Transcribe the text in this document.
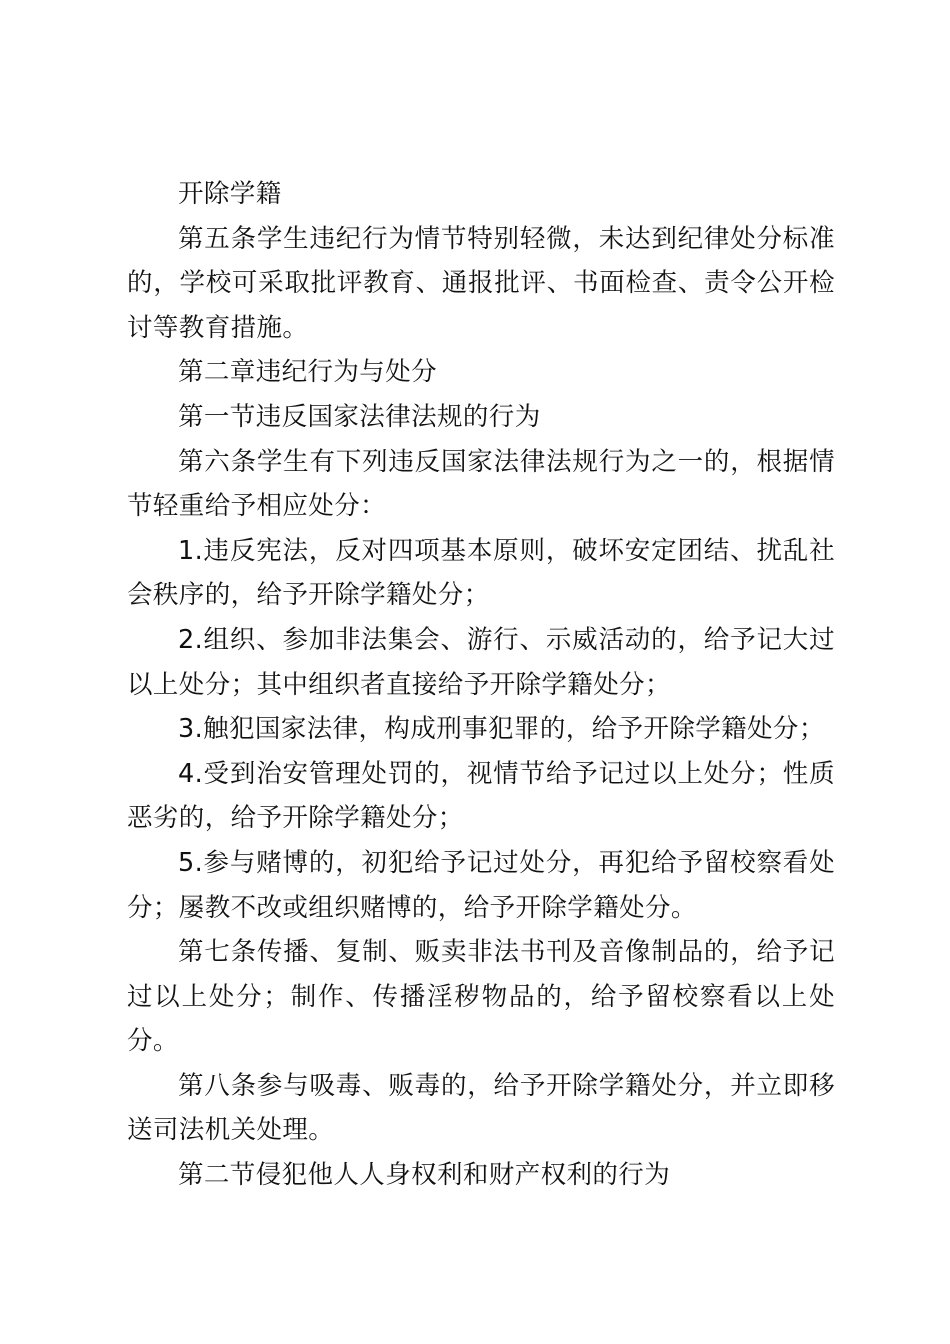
开除学籍

第五条学生违纪行为情节特别轻微，未达到纪律处分标准的，学校可采取批评教育、通报批评、书面检查、责令公开检讨等教育措施。

第二章违纪行为与处分

第一节违反国家法律法规的行为

第六条学生有下列违反国家法律法规行为之一的，根据情节轻重给予相应处分：

1.违反宪法，反对四项基本原则，破坏安定团结、扰乱社会秩序的，给予开除学籍处分；

2.组织、参加非法集会、游行、示威活动的，给予记大过以上处分；其中组织者直接给予开除学籍处分；

3.触犯国家法律，构成刑事犯罪的，给予开除学籍处分；

4.受到治安管理处罚的，视情节给予记过以上处分；性质恶劣的，给予开除学籍处分；

5.参与赌博的，初犯给予记过处分，再犯给予留校察看处分；屡教不改或组织赌博的，给予开除学籍处分。

第七条传播、复制、贩卖非法书刊及音像制品的，给予记过以上处分；制作、传播淫秽物品的，给予留校察看以上处分。

第八条参与吸毒、贩毒的，给予开除学籍处分，并立即移送司法机关处理。

第二节侵犯他人人身权利和财产权利的行为
